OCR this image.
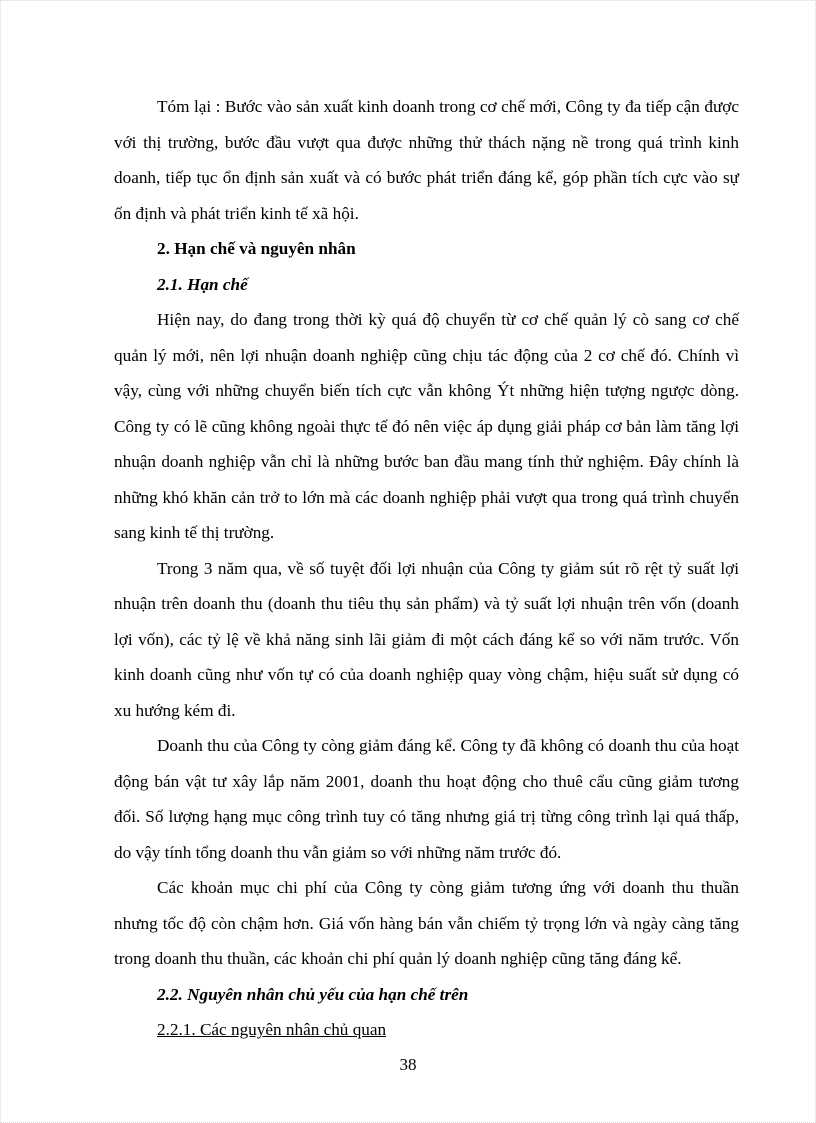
Tóm lại : Bước vào sản xuất kinh doanh trong cơ chế mới, Công ty đa tiếp cận được với thị trường, bước đầu vượt qua được những thử thách nặng nề trong quá trình kinh doanh, tiếp tục ổn định sản xuất và có bước phát triển đáng kể, góp phần tích cực vào sự ổn định và phát triển kinh tế xã hội.

2. Hạn chế và nguyên nhân

2.1. Hạn chế

Hiện nay, do đang trong thời kỳ quá độ chuyển từ cơ chế quản lý cò sang cơ chế quản lý mới, nên lợi nhuận doanh nghiệp cũng chịu tác động của 2 cơ chế đó. Chính vì vậy, cùng với những chuyển biến tích cực vẫn không Ýt những hiện tượng ngược dòng. Công ty có lẽ cũng không ngoài thực tế đó nên việc áp dụng giải pháp cơ bản làm tăng lợi nhuận doanh nghiệp vẫn chỉ là những bước ban đầu mang tính thử nghiệm. Đây chính là những khó khăn cản trở to lớn mà các doanh nghiệp phải vượt qua trong quá trình chuyển sang kinh tế thị trường.

Trong 3 năm qua, về số tuyệt đối lợi nhuận của Công ty giảm sút rõ rệt tỷ suất lợi nhuận trên doanh thu (doanh thu tiêu thụ sản phẩm) và tỷ suất lợi nhuận trên vốn (doanh lợi vốn), các tỷ lệ về khả năng sinh lãi giảm đi một cách đáng kể so với năm trước. Vốn kinh doanh cũng như vốn tự có của doanh nghiệp quay vòng chậm, hiệu suất sử dụng có xu hướng kém đi.

Doanh thu của Công ty còng giảm đáng kể. Công ty đã không có doanh thu của hoạt động bán vật tư xây lắp năm 2001, doanh thu hoạt động cho thuê cẩu cũng giảm tương đối. Số lượng hạng mục công trình tuy có tăng nhưng giá trị từng công trình lại quá thấp, do vậy tính tổng doanh thu vẫn giảm so với những năm trước đó.

Các khoản mục chi phí của Công ty còng giảm tương ứng với doanh thu thuần nhưng tốc độ còn chậm hơn. Giá vốn hàng bán vẫn chiếm tỷ trọng lớn và ngày càng tăng trong doanh thu thuần, các khoản chi phí quản lý doanh nghiệp cũng tăng đáng kể.

2.2. Nguyên nhân chủ yếu của hạn chế trên

2.2.1. Các nguyên nhân chủ quan

38
